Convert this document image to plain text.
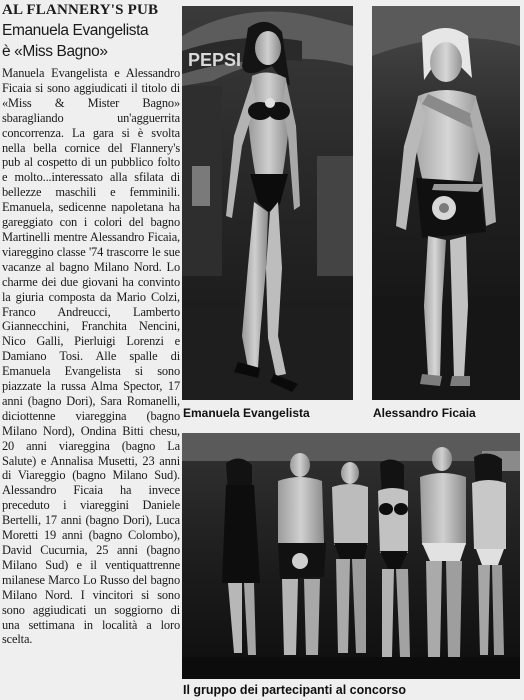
AL FLANNERY'S PUB
Emanuela Evangelista
è «Miss Bagno»

Manuela Evangelista e Alessandro Ficaia si sono aggiudicati il titolo di «Miss & Mister Bagno» sbaragliando un'agguerrita concorrenza. La gara si è svolta nella bella cornice del Flannery's pub al cospetto di un pubblico folto e molto...interessato alla sfilata di bellezze maschili e femminili. Emanuela, sedicenne napoletana ha gareggiato con i colori del bagno Martinelli mentre Alessandro Ficaia, viareggino classe '74 trascorre le sue vacanze al bagno Milano Nord. Lo charme dei due giovani ha convinto la giuria composta da Mario Colzi, Franco Andreucci, Lamberto Giannecchini, Franchita Nencini, Nico Galli, Pierluigi Lorenzi e Damiano Tosi. Alle spalle di Emanuela Evangelista si sono piazzate la russa Alma Spector, 17 anni (bagno Dori), Sara Romanelli, diciottenne viareggina (bagno Milano Nord), Ondina Bitti chesu, 20 anni viareggina (bagno La Salute) e Annalisa Musetti, 23 anni di Viareggio (bagno Milano Sud). Alessandro Ficaia ha invece preceduto i viareggini Daniele Bertelli, 17 anni (bagno Dori), Luca Moretti 19 anni (bagno Colombo), David Cucurnia, 25 anni (bagno Milano Sud) e il ventiquattrenne milanese Marco Lo Russo del bagno Milano Nord. I vincitori si sono sono aggiudicati un soggiorno di una settimana in località a loro scelta.

PEPSI
Emanuela Evangelista	Alessandro Ficaia
Il gruppo dei partecipanti al concorso
